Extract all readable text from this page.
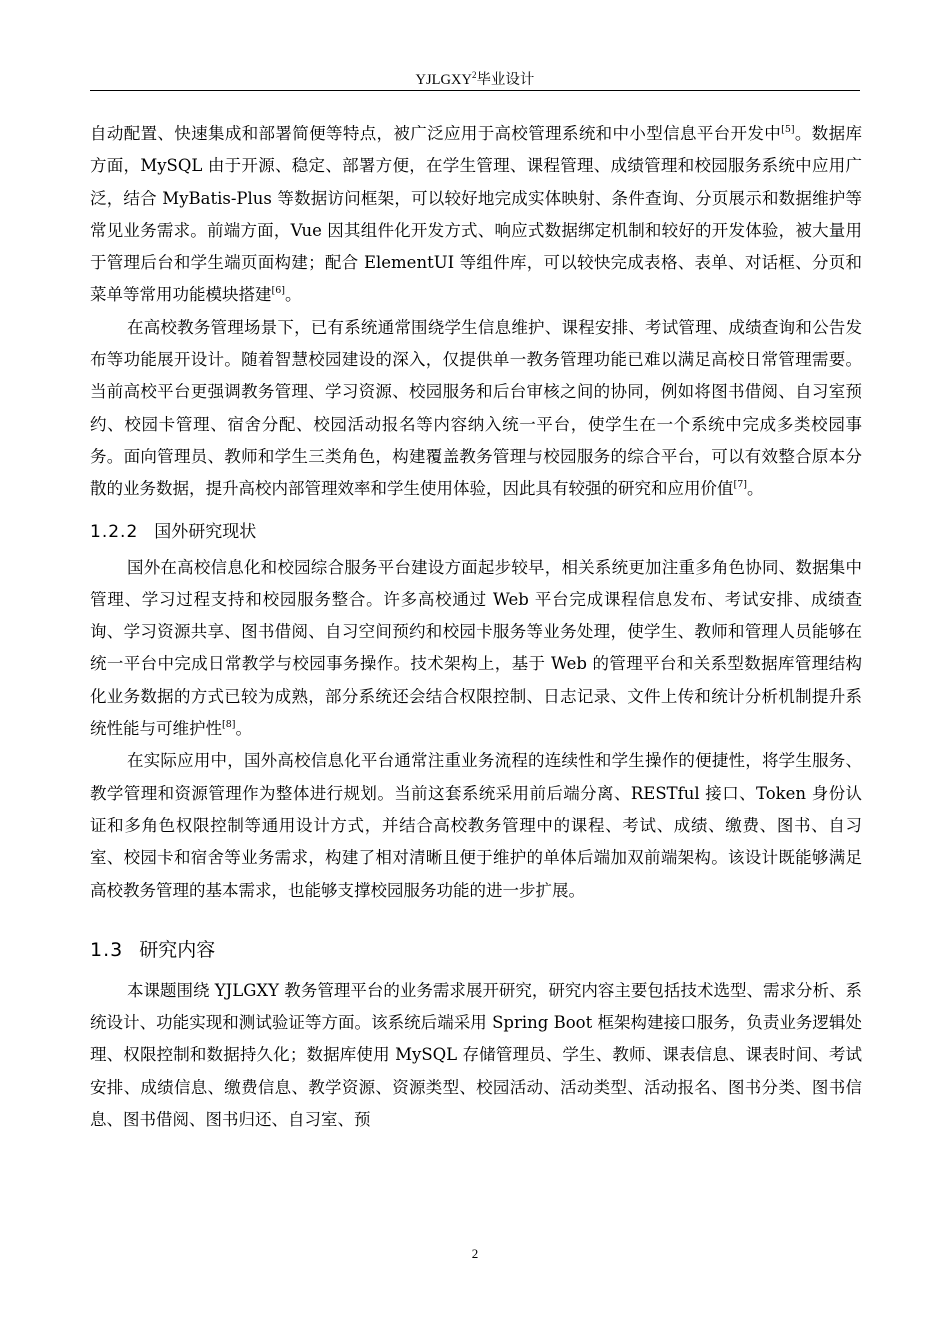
YJLGXY$^2$毕业设计

自动配置、快速集成和部署简便等特点，被广泛应用于高校管理系统和中小型信息平台开发中[5]。数据库方面，MySQL 由于开源、稳定、部署方便，在学生管理、课程管理、成绩管理和校园服务系统中应用广泛，结合 MyBatis-Plus 等数据访问框架，可以较好地完成实体映射、条件查询、分页展示和数据维护等常见业务需求。前端方面，Vue 因其组件化开发方式、响应式数据绑定机制和较好的开发体验，被大量用于管理后台和学生端页面构建；配合 ElementUI 等组件库，可以较快完成表格、表单、对话框、分页和菜单等常用功能模块搭建[6]。

在高校教务管理场景下，已有系统通常围绕学生信息维护、课程安排、考试管理、成绩查询和公告发布等功能展开设计。随着智慧校园建设的深入，仅提供单一教务管理功能已难以满足高校日常管理需要。当前高校平台更强调教务管理、学习资源、校园服务和后台审核之间的协同，例如将图书借阅、自习室预约、校园卡管理、宿舍分配、校园活动报名等内容纳入统一平台，使学生在一个系统中完成多类校园事务。面向管理员、教师和学生三类角色，构建覆盖教务管理与校园服务的综合平台，可以有效整合原本分散的业务数据，提升高校内部管理效率和学生使用体验，因此具有较强的研究和应用价值[7]。

1.2.2 国外研究现状

国外在高校信息化和校园综合服务平台建设方面起步较早，相关系统更加注重多角色协同、数据集中管理、学习过程支持和校园服务整合。许多高校通过 Web 平台完成课程信息发布、考试安排、成绩查询、学习资源共享、图书借阅、自习空间预约和校园卡服务等业务处理，使学生、教师和管理人员能够在统一平台中完成日常教学与校园事务操作。技术架构上，基于 Web 的管理平台和关系型数据库管理结构化业务数据的方式已较为成熟，部分系统还会结合权限控制、日志记录、文件上传和统计分析机制提升系统性能与可维护性[8]。

在实际应用中，国外高校信息化平台通常注重业务流程的连续性和学生操作的便捷性，将学生服务、教学管理和资源管理作为整体进行规划。当前这套系统采用前后端分离、RESTful 接口、Token 身份认证和多角色权限控制等通用设计方式，并结合高校教务管理中的课程、考试、成绩、缴费、图书、自习室、校园卡和宿舍等业务需求，构建了相对清晰且便于维护的单体后端加双前端架构。该设计既能够满足高校教务管理的基本需求，也能够支撑校园服务功能的进一步扩展。

1.3 研究内容

本课题围绕 YJLGXY 教务管理平台的业务需求展开研究，研究内容主要包括技术选型、需求分析、系统设计、功能实现和测试验证等方面。该系统后端采用 Spring Boot 框架构建接口服务，负责业务逻辑处理、权限控制和数据持久化；数据库使用 MySQL 存储管理员、学生、教师、课表信息、课表时间、考试安排、成绩信息、缴费信息、教学资源、资源类型、校园活动、活动类型、活动报名、图书分类、图书信息、图书借阅、图书归还、自习室、预

2
